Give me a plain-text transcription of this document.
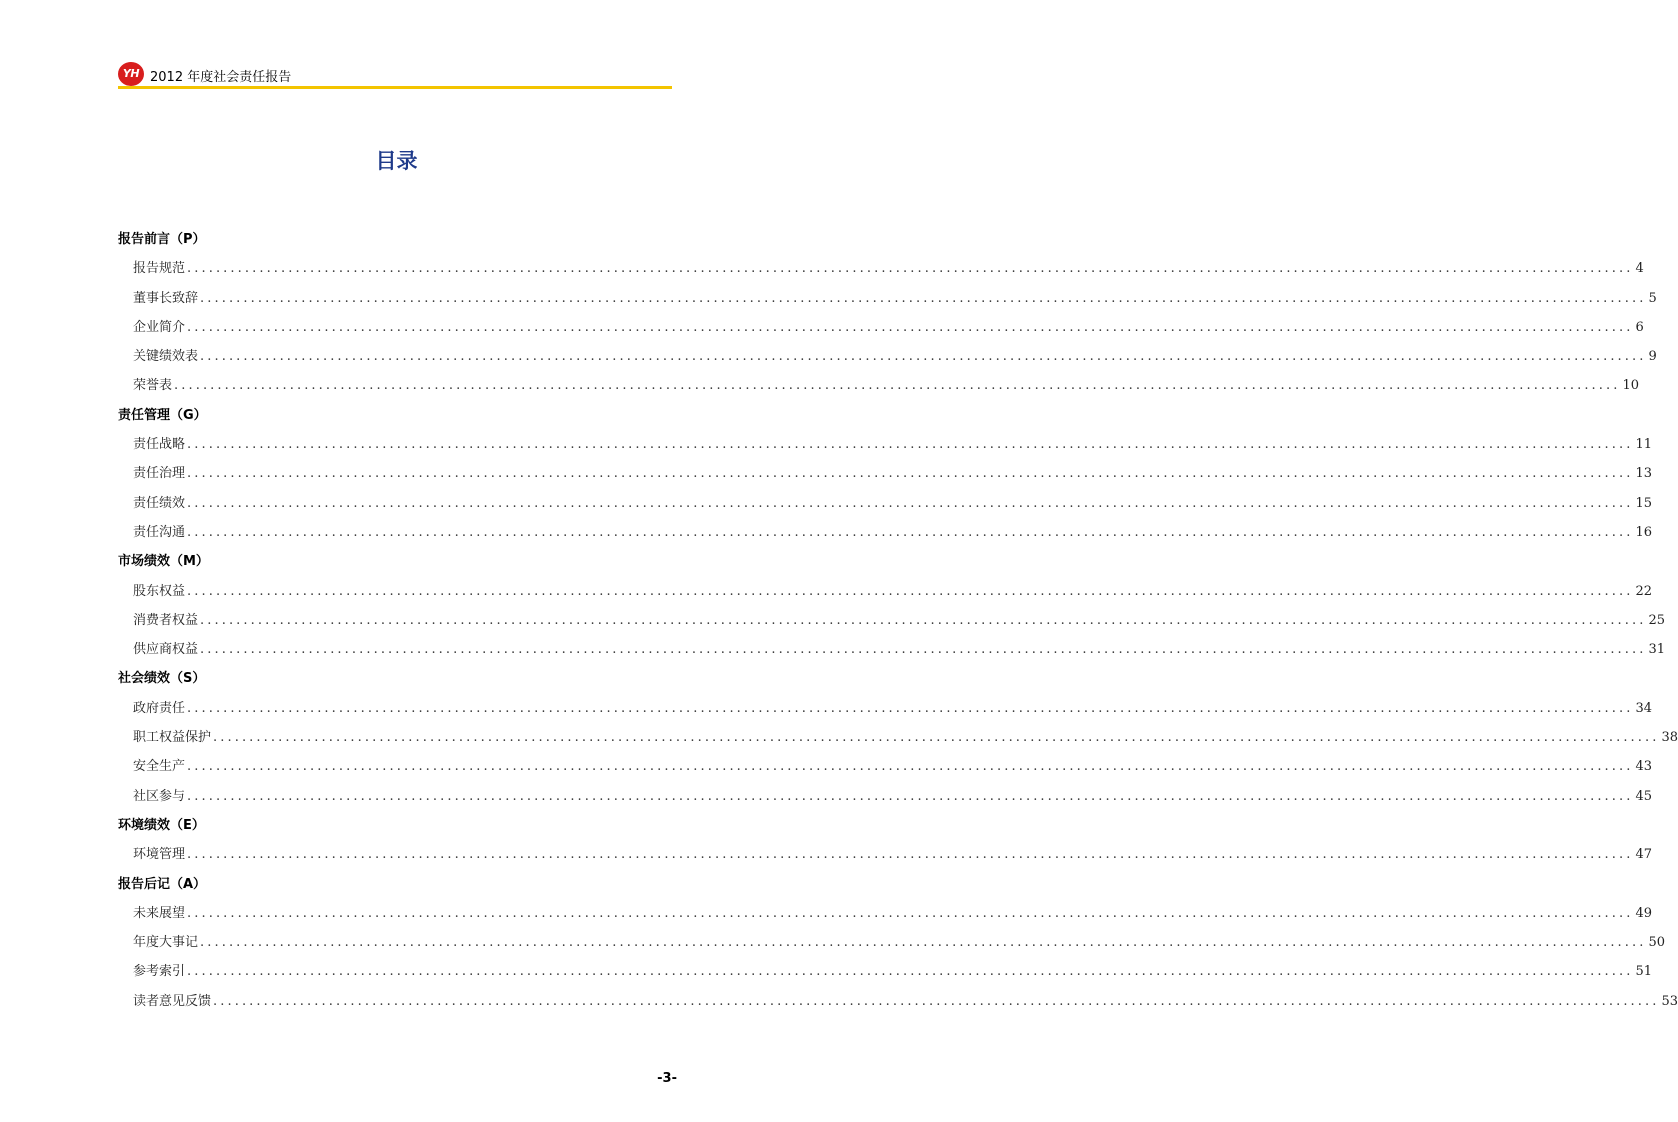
YH 2012 年度社会责任报告
目录
报告前言（P）
报告规范 ........................................................................................................................................................................................................ 4
董事长致辞 ........................................................................................................................................................................................................ 5
企业简介 ........................................................................................................................................................................................................ 6
关键绩效表 ........................................................................................................................................................................................................ 9
荣誉表 ........................................................................................................................................................................................................ 10
责任管理（G）
责任战略 ........................................................................................................................................................................................................ 11
责任治理 ........................................................................................................................................................................................................ 13
责任绩效 ........................................................................................................................................................................................................ 15
责任沟通 ........................................................................................................................................................................................................ 16
市场绩效（M）
股东权益 ........................................................................................................................................................................................................ 22
消费者权益 ........................................................................................................................................................................................................ 25
供应商权益 ........................................................................................................................................................................................................ 31
社会绩效（S）
政府责任 ........................................................................................................................................................................................................ 34
职工权益保护 ........................................................................................................................................................................................................ 38
安全生产 ........................................................................................................................................................................................................ 43
社区参与 ........................................................................................................................................................................................................ 45
环境绩效（E）
环境管理 ........................................................................................................................................................................................................ 47
报告后记（A）
未来展望 ........................................................................................................................................................................................................ 49
年度大事记 ........................................................................................................................................................................................................ 50
参考索引 ........................................................................................................................................................................................................ 51
读者意见反馈 ........................................................................................................................................................................................................ 53
-3-
